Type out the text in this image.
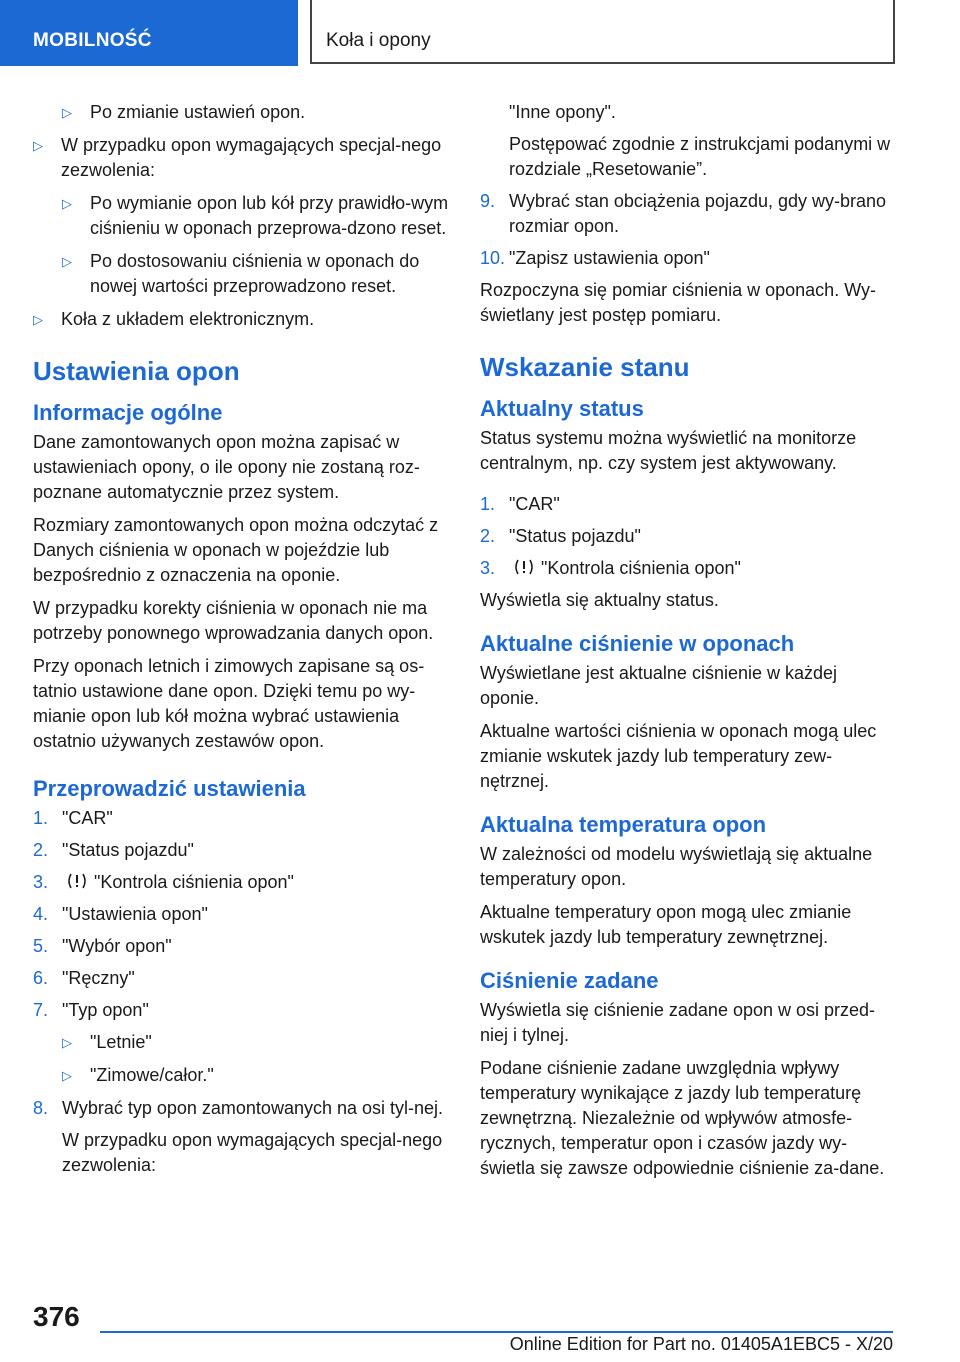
MOBILNOŚĆ	Koła i opony
▷ Po zmianie ustawień opon.
▷ W przypadku opon wymagających specjal-nego zezwolenia:
▷ Po wymianie opon lub kół przy prawidło-wym ciśnieniu w oponach przeprowa-dzono reset.
▷ Po dostosowaniu ciśnienia w oponach do nowej wartości przeprowadzono reset.
▷ Koła z układem elektronicznym.
Ustawienia opon
Informacje ogólne

Dane zamontowanych opon można zapisać w ustawieniach opony, o ile opony nie zostaną roz-poznane automatycznie przez system.

Rozmiary zamontowanych opon można odczytać z Danych ciśnienia w oponach w pojeździe lub bezpośrednio z oznaczenia na oponie.

W przypadku korekty ciśnienia w oponach nie ma potrzeby ponownego wprowadzania danych opon.

Przy oponach letnich i zimowych zapisane są os-tatnio ustawione dane opon. Dzięki temu po wy-mianie opon lub kół można wybrać ustawienia ostatnio używanych zestawów opon.

Przeprowadzić ustawienia
1. "CAR"
2. "Status pojazdu"
3.	"Kontrola ciśnienia opon"
4. "Ustawienia opon"
5. "Wybór opon"
6. "Ręczny"
7. "Typ opon"
▷ "Letnie"
▷ "Zimowe/całor."
8. Wybrać typ opon zamontowanych na osi tyl-nej.
W przypadku opon wymagających specjal-nego zezwolenia:
"Inne opony".
Postępować zgodnie z instrukcjami podanymi w rozdziale „Resetowanie”.
9. Wybrać stan obciążenia pojazdu, gdy wy-brano rozmiar opon.
10. "Zapisz ustawienia opon"

Rozpoczyna się pomiar ciśnienia w oponach. Wy-świetlany jest postęp pomiaru.

Wskazanie stanu
Aktualny status

Status systemu można wyświetlić na monitorze centralnym, np. czy system jest aktywowany.

1. "CAR"
2. "Status pojazdu"
3.	"Kontrola ciśnienia opon"

Wyświetla się aktualny status.

Aktualne ciśnienie w oponach

Wyświetlane jest aktualne ciśnienie w każdej oponie.

Aktualne wartości ciśnienia w oponach mogą ulec zmianie wskutek jazdy lub temperatury zew-nętrznej.

Aktualna temperatura opon

W zależności od modelu wyświetlają się aktualne temperatury opon.

Aktualne temperatury opon mogą ulec zmianie wskutek jazdy lub temperatury zewnętrznej.

Ciśnienie zadane

Wyświetla się ciśnienie zadane opon w osi przed-niej i tylnej.

Podane ciśnienie zadane uwzględnia wpływy temperatury wynikające z jazdy lub temperaturę zewnętrzną. Niezależnie od wpływów atmosfe-rycznych, temperatur opon i czasów jazdy wy-świetla się zawsze odpowiednie ciśnienie za-dane.

376
Online Edition for Part no. 01405A1EBC5 - X/20
